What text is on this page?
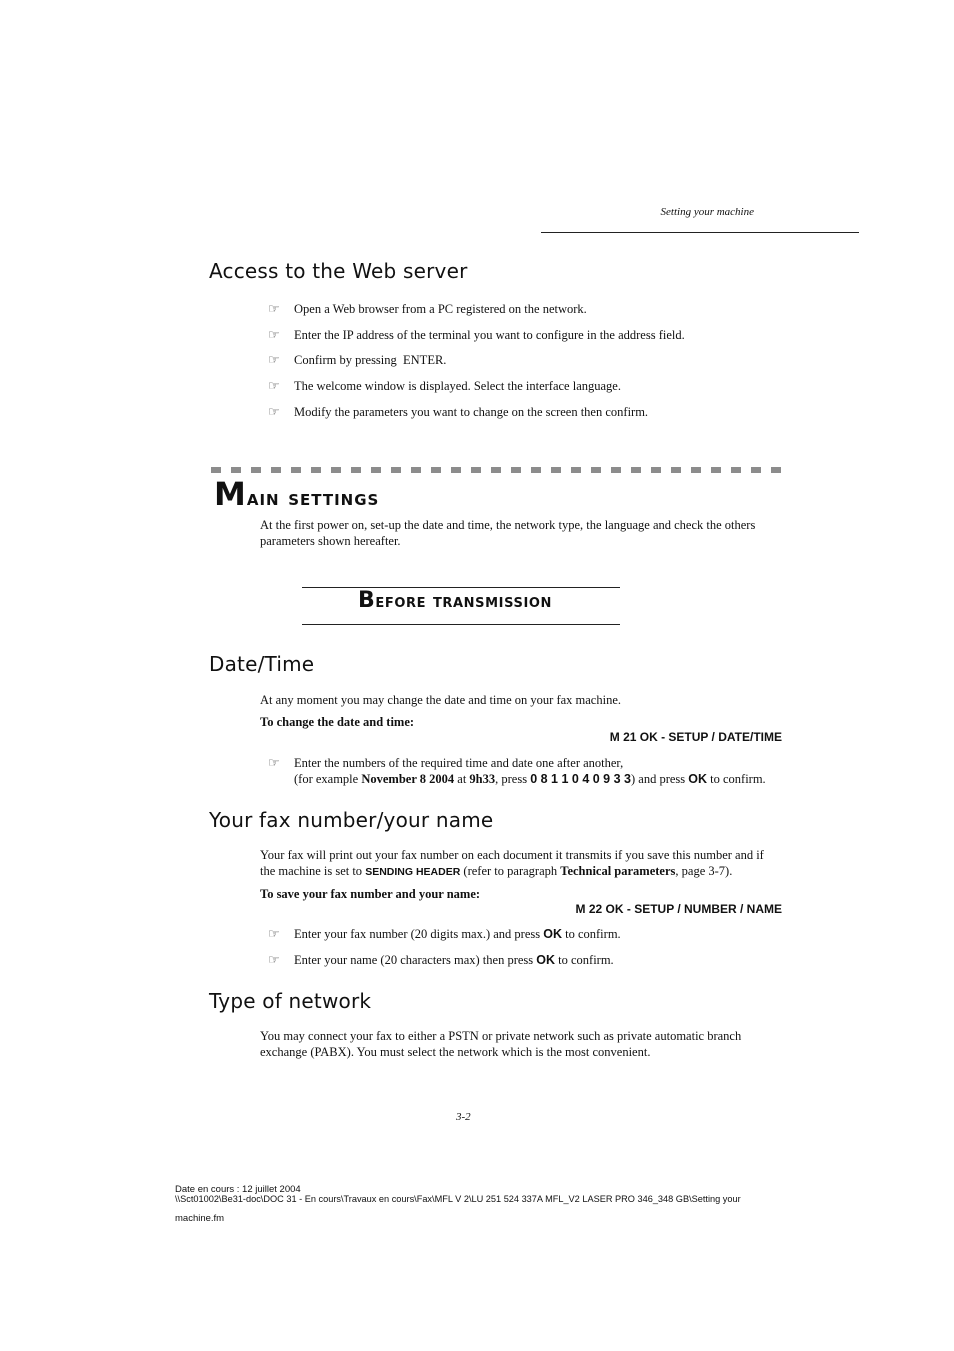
Setting your machine
Access to the Web server
☞ Open a Web browser from a PC registered on the network.
☞ Enter the IP address of the terminal you want to configure in the address field.
☞ Confirm by pressing  ENTER.
☞ The welcome window is displayed. Select the interface language.
☞ Modify the parameters you want to change on the screen then confirm.
Main settings
At the first power on, set-up the date and time, the network type, the language and check the others
parameters shown hereafter.
Before transmission
Date/Time
At any moment you may change the date and time on your fax machine.
To change the date and time:
M 21 OK - SETUP / DATE/TIME
☞ Enter the numbers of the required time and date one after another,
(for example November 8 2004 at 9h33, press 0 8 1 1 0 4 0 9 3 3) and press OK to confirm.
Your fax number/your name
Your fax will print out your fax number on each document it transmits if you save this number and if
the machine is set to SENDING HEADER (refer to paragraph Technical parameters, page 3-7).
To save your fax number and your name:
M 22 OK - SETUP / NUMBER / NAME
☞ Enter your fax number (20 digits max.) and press OK to confirm.
☞ Enter your name (20 characters max) then press OK to confirm.
Type of network
You may connect your fax to either a PSTN or private network such as private automatic branch
exchange (PABX). You must select the network which is the most convenient.
3-2
Date en cours : 12 juillet 2004
\\Sct01002\Be31-doc\DOC 31 - En cours\Travaux en cours\Fax\MFL V 2\LU 251 524 337A MFL_V2 LASER PRO 346_348 GB\Setting your
machine.fm
